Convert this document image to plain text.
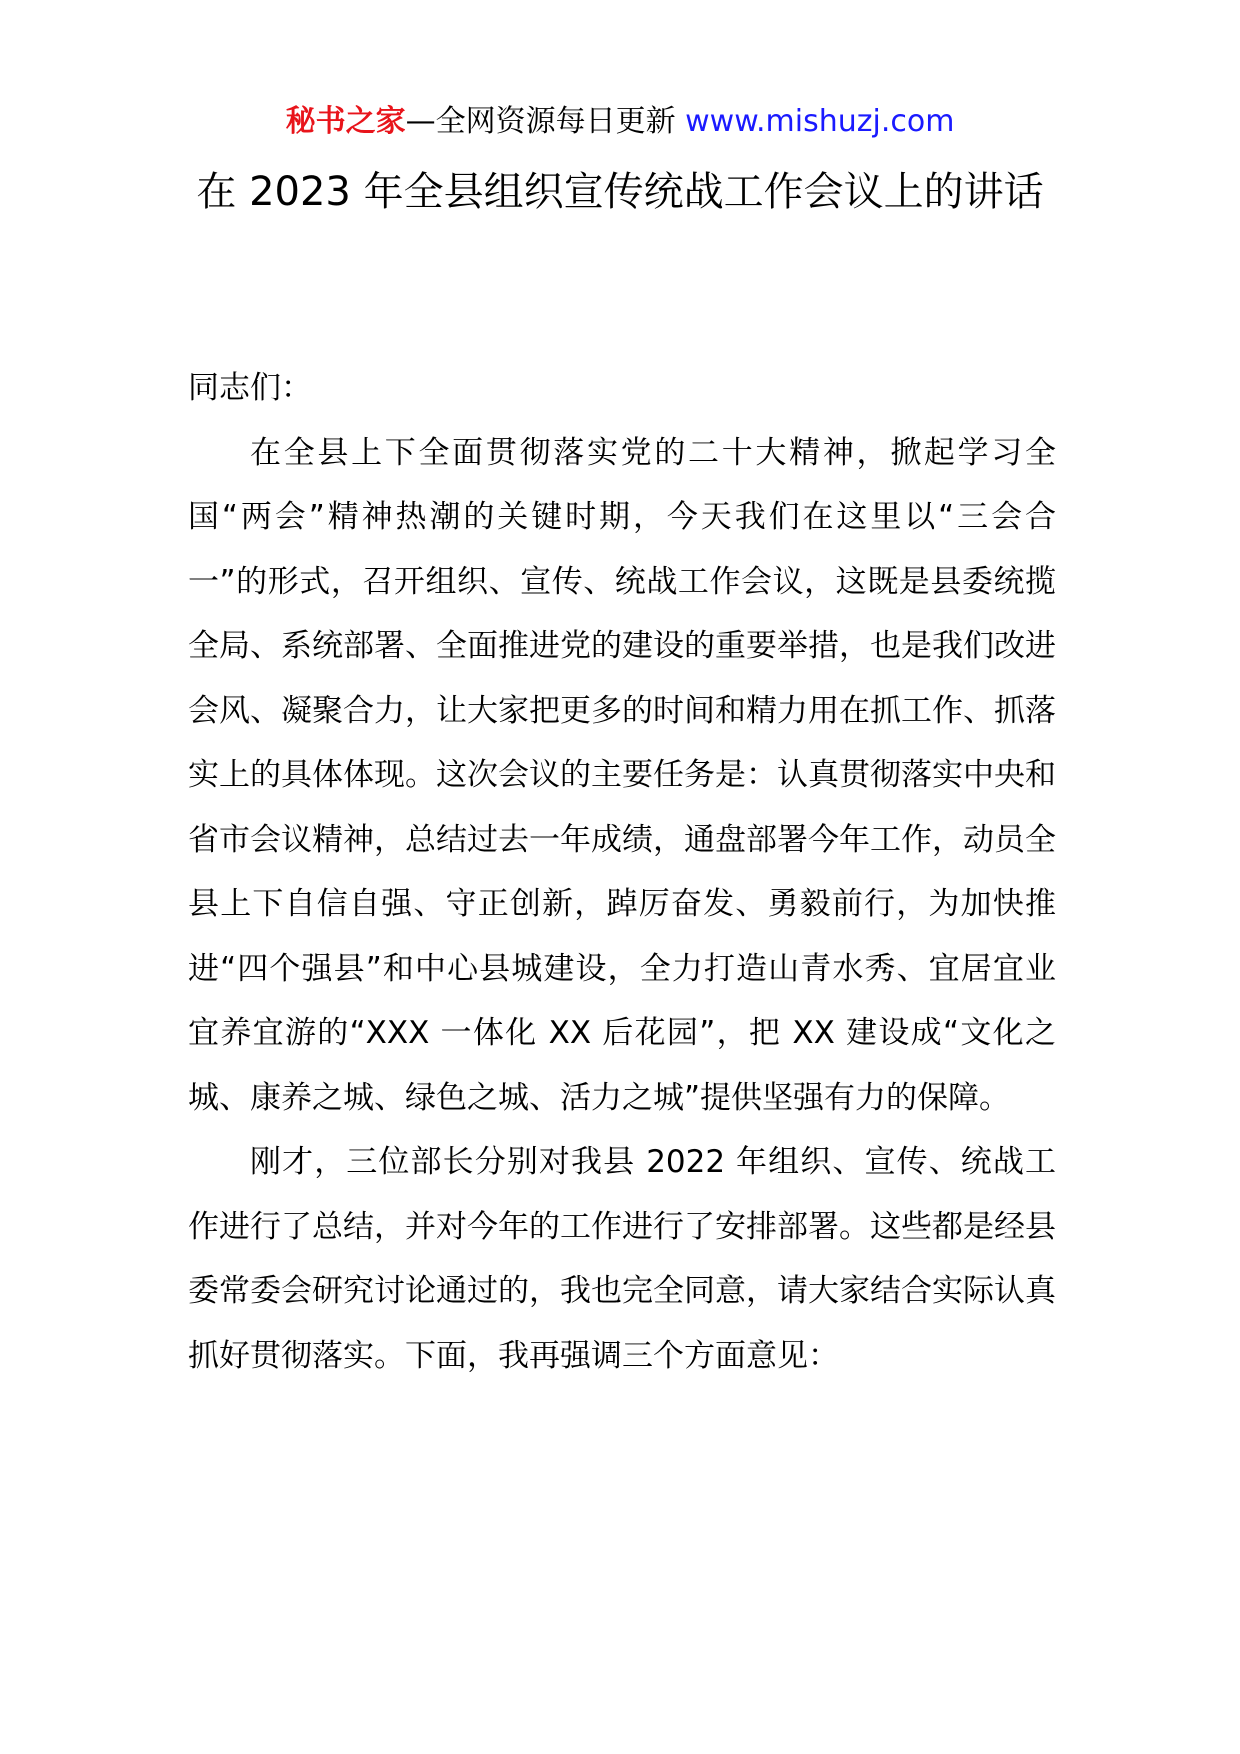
秘书之家—全网资源每日更新 www.mishuzj.com
在 2023 年全县组织宣传统战工作会议上的讲话

同志们：

在全县上下全面贯彻落实党的二十大精神，掀起学习全国“两会”精神热潮的关键时期，今天我们在这里以“三会合一”的形式，召开组织、宣传、统战工作会议，这既是县委统揽全局、系统部署、全面推进党的建设的重要举措，也是我们改进会风、凝聚合力，让大家把更多的时间和精力用在抓工作、抓落实上的具体体现。这次会议的主要任务是：认真贯彻落实中央和省市会议精神，总结过去一年成绩，通盘部署今年工作，动员全县上下自信自强、守正创新，踔厉奋发、勇毅前行，为加快推进“四个强县”和中心县城建设，全力打造山青水秀、宜居宜业宜养宜游的“XXX 一体化 XX 后花园”，把 XX 建设成“文化之城、康养之城、绿色之城、活力之城”提供坚强有力的保障。

刚才，三位部长分别对我县 2022 年组织、宣传、统战工作进行了总结，并对今年的工作进行了安排部署。这些都是经县委常委会研究讨论通过的，我也完全同意，请大家结合实际认真抓好贯彻落实。下面，我再强调三个方面意见：
